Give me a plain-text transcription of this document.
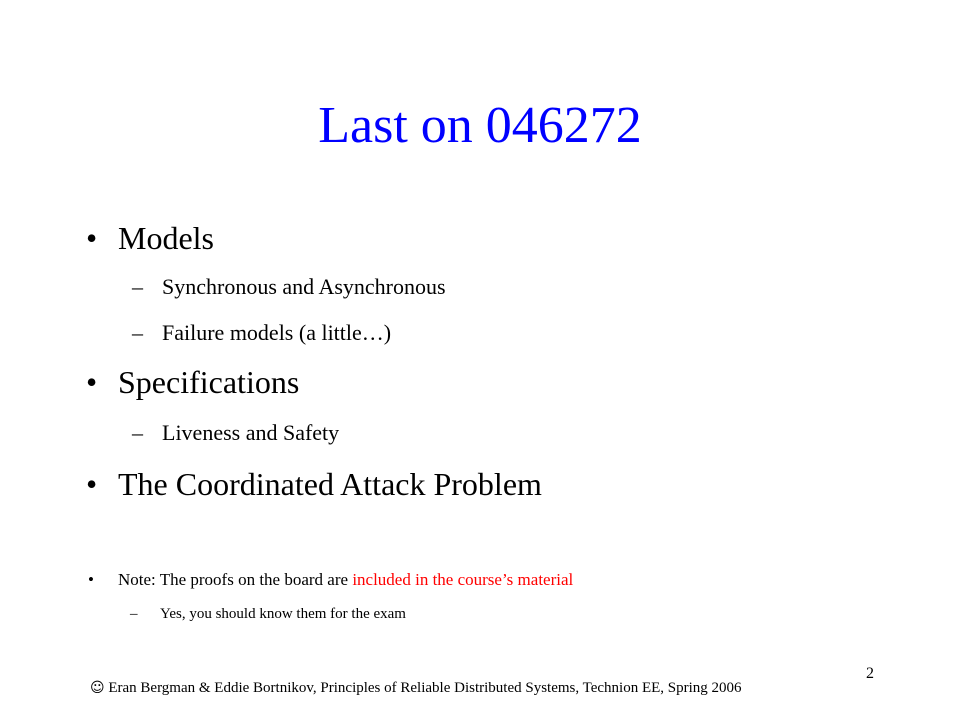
Last on 046272
• Models
– Synchronous and Asynchronous
– Failure models (a little…)
• Specifications
– Liveness and Safety
• The Coordinated Attack Problem
• Note: The proofs on the board are included in the course’s material
– Yes, you should know them for the exam
☺ Eran Bergman & Eddie Bortnikov, Principles of Reliable Distributed Systems, Technion EE, Spring 2006
2
